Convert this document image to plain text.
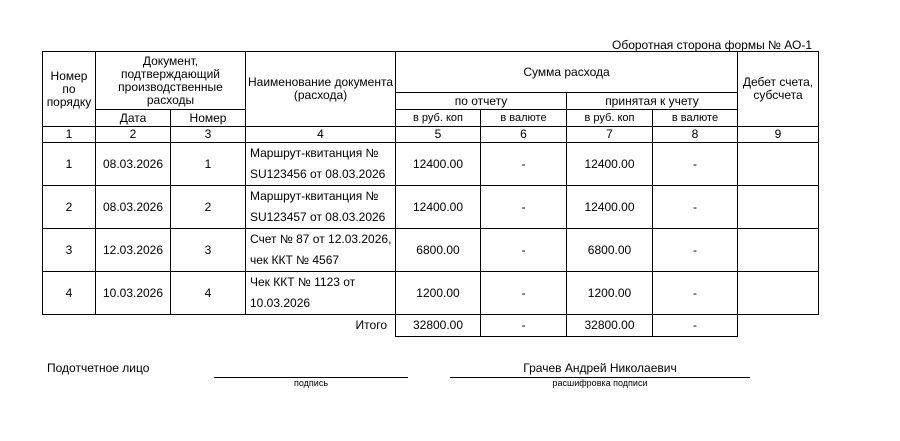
Оборотная сторона формы № АО-1
Номер по порядку	Документ, подтверждающий производственные расходы		Наименование документа (расхода)	Сумма расхода				Дебет счета, субсчета
				по отчету		принятая к учету		
	Дата	Номер		в руб. коп	в валюте	в руб. коп	в валюте	
1	2	3	4	5	6	7	8	9
1	08.03.2026	1	Маршрут-квитанция № SU123456 от 08.03.2026	12400.00	-	12400.00	-	
2	08.03.2026	2	Маршрут-квитанция № SU123457 от 08.03.2026	12400.00	-	12400.00	-	
3	12.03.2026	3	Счет № 87 от 12.03.2026, чек ККТ № 4567	6800.00	-	6800.00	-	
4	10.03.2026	4	Чек ККТ № 1123 от 10.03.2026	1200.00	-	1200.00	-	
			Итого	32800.00	-	32800.00	-	
Подотчетное лицо
подпись
Грачев Андрей Николаевич
расшифровка подписи
